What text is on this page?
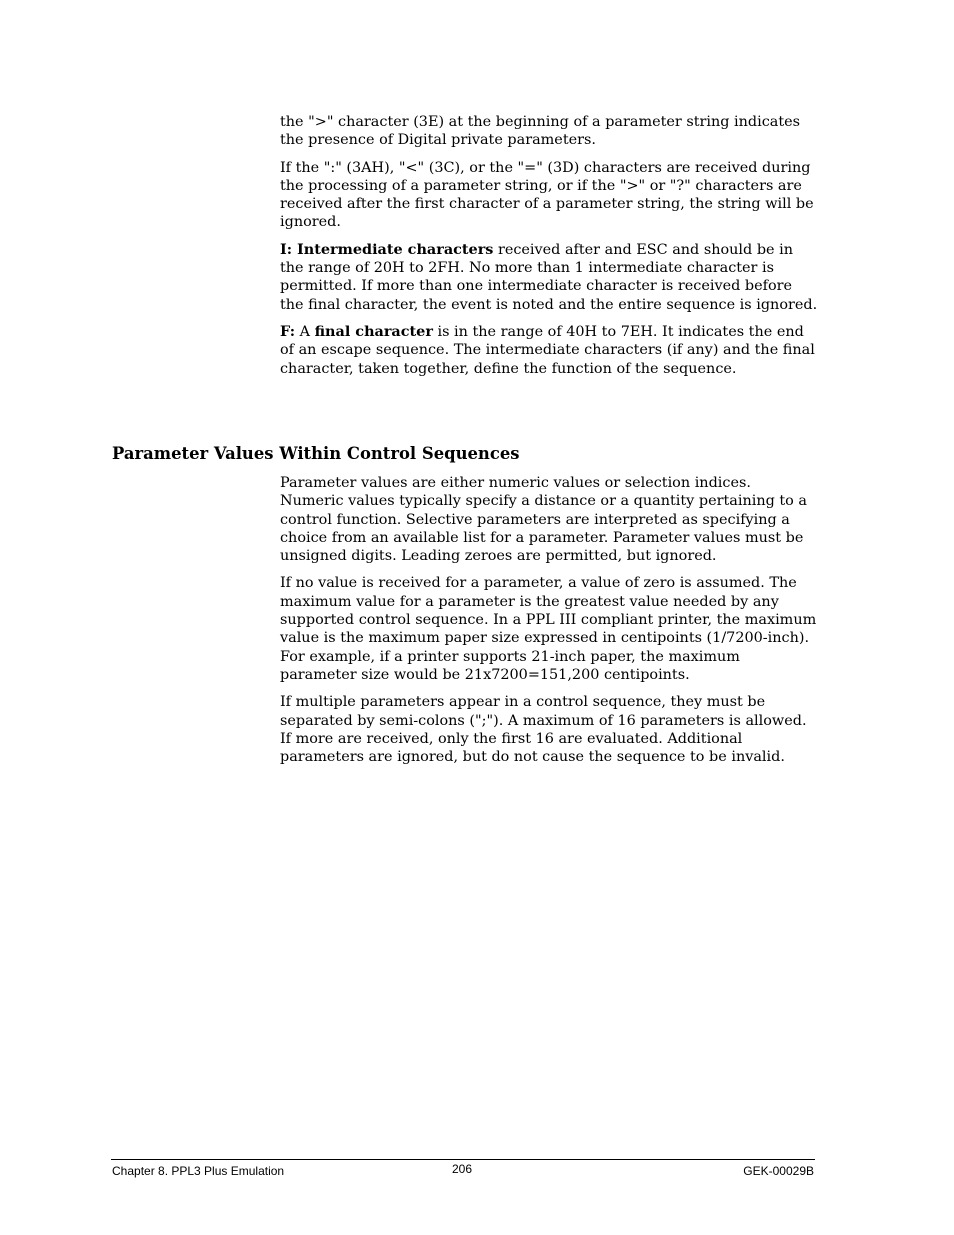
the ">" character (3E) at the beginning of a parameter string indicates the presence of Digital private parameters.

If the ":" (3AH), "<" (3C), or the "=" (3D) characters are received during the processing of a parameter string, or if the ">" or "?" characters are received after the first character of a parameter string, the string will be ignored.

I: Intermediate characters received after and ESC and should be in the range of 20H to 2FH. No more than 1 intermediate character is permitted. If more than one intermediate character is received before the final character, the event is noted and the entire sequence is ignored.

F: A final character is in the range of 40H to 7EH. It indicates the end of an escape sequence. The intermediate characters (if any) and the final character, taken together, define the function of the sequence.

Parameter Values Within Control Sequences

Parameter values are either numeric values or selection indices. Numeric values typically specify a distance or a quantity pertaining to a control function. Selective parameters are interpreted as specifying a choice from an available list for a parameter. Parameter values must be unsigned digits. Leading zeroes are permitted, but ignored.

If no value is received for a parameter, a value of zero is assumed. The maximum value for a parameter is the greatest value needed by any supported control sequence. In a PPL III compliant printer, the maximum value is the maximum paper size expressed in centipoints (1/7200-inch). For example, if a printer supports 21-inch paper, the maximum parameter size would be 21x7200=151,200 centipoints.

If multiple parameters appear in a control sequence, they must be separated by semi-colons (";"). A maximum of 16 parameters is allowed. If more are received, only the first 16 are evaluated. Additional parameters are ignored, but do not cause the sequence to be invalid.

Chapter 8. PPL3 Plus Emulation	206	GEK-00029B
